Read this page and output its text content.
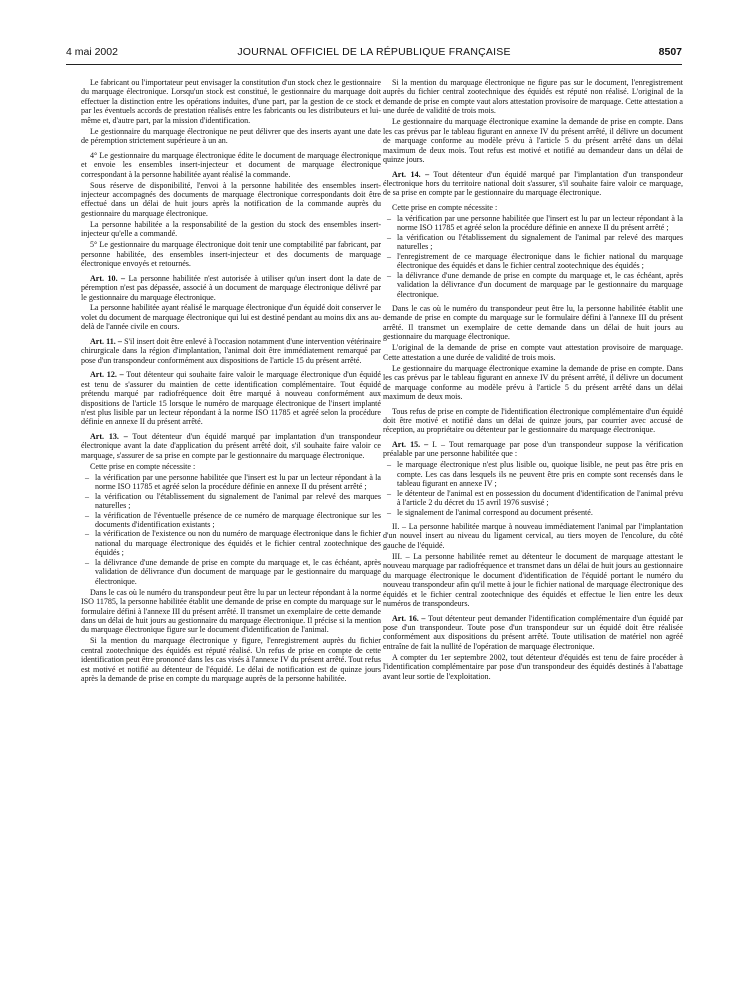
4 mai 2002	JOURNAL OFFICIEL DE LA RÉPUBLIQUE FRANÇAISE	8507

Le fabricant ou l'importateur peut envisager la constitution d'un stock chez le gestionnaire du marquage électronique. Lorsqu'un stock est constitué, le gestionnaire du marquage doit effectuer la distinction entre les opérations induites, d'une part, par la gestion de ce stock et par les éventuels accords de prestation réalisés entre les fabricants ou les distributeurs et lui-même et, d'autre part, par la mission d'identification.

Le gestionnaire du marquage électronique ne peut délivrer que des inserts ayant une date de péremption strictement supérieure à un an.

4° Le gestionnaire du marquage électronique édite le document de marquage électronique et envoie les ensembles insert-injecteur et document de marquage électronique correspondant à la personne habilitée ayant réalisé la commande.

Sous réserve de disponibilité, l'envoi à la personne habilitée des ensembles insert-injecteur accompagnés des documents de marquage électronique correspondants doit être effectué dans un délai de huit jours après la notification de la commande auprès du gestionnaire du marquage électronique.

La personne habilitée a la responsabilité de la gestion du stock des ensembles insert-injecteur qu'elle a commandé.

5° Le gestionnaire du marquage électronique doit tenir une comptabilité par fabricant, par personne habilitée, des ensembles insert-injecteur et des documents de marquage électronique envoyés et retournés.

Art. 10. – La personne habilitée n'est autorisée à utiliser qu'un insert dont la date de péremption n'est pas dépassée, associé à un document de marquage électronique délivré par le gestionnaire du marquage électronique.

La personne habilitée ayant réalisé le marquage électronique d'un équidé doit conserver le volet du document de marquage électronique qui lui est destiné pendant au moins dix ans au-delà de l'année civile en cours.

Art. 11. – S'il insert doit être enlevé à l'occasion notamment d'une intervention vétérinaire chirurgicale dans la région d'implantation, l'animal doit être immédiatement remarqué par pose d'un transpondeur conformément aux dispositions de l'article 15 du présent arrêté.

Art. 12. – Tout détenteur qui souhaite faire valoir le marquage électronique d'un équidé est tenu de s'assurer du maintien de cette identification complémentaire. Tout équidé prétendu marqué par radiofréquence doit être marqué à nouveau conformément aux dispositions de l'article 15 lorsque le numéro de marquage électronique de l'insert implanté n'est plus lisible par un lecteur répondant à la norme ISO 11785 et agréé selon la procédure définie en annexe II du présent arrêté.

Art. 13. – Tout détenteur d'un équidé marqué par implantation d'un transpondeur électronique avant la date d'application du présent arrêté doit, s'il souhaite faire valoir ce marquage, s'assurer de sa prise en compte par le gestionnaire du marquage électronique.

Cette prise en compte nécessite :

– la vérification par une personne habilitée que l'insert est lu par un lecteur répondant à la norme ISO 11785 et agréé selon la procédure définie en annexe II du présent arrêté ;
– la vérification ou l'établissement du signalement de l'animal par relevé des marques naturelles ;
– la vérification de l'éventuelle présence de ce numéro de marquage électronique sur les documents d'identification existants ;
– la vérification de l'existence ou non du numéro de marquage électronique dans le fichier national du marquage électronique des équidés et le fichier central zootechnique des équidés ;
– la délivrance d'une demande de prise en compte du marquage et, le cas échéant, après validation de délivrance d'un document de marquage par le gestionnaire du marquage électronique.

Dans le cas où le numéro du transpondeur peut être lu par un lecteur répondant à la norme ISO 11785, la personne habilitée établit une demande de prise en compte du marquage sur le formulaire défini à l'annexe III du présent arrêté. Il transmet un exemplaire de cette demande dans un délai de huit jours au gestionnaire du marquage électronique. Il précise si la mention du marquage électronique figure sur le document d'identification de l'animal.

Si la mention du marquage électronique y figure, l'enregistrement auprès du fichier central zootechnique des équidés est réputé réalisé. Un refus de prise en compte de cette identification peut être prononcé dans les cas visés à l'annexe IV du présent arrêté. Tout refus est motivé et notifié au détenteur de l'équidé. Le délai de notification est de quinze jours après la demande de prise en compte du marquage auprès de la personne habilitée.

Si la mention du marquage électronique ne figure pas sur le document, l'enregistrement auprès du fichier central zootechnique des équidés est réputé non réalisé. L'original de la demande de prise en compte vaut alors attestation provisoire de marquage. Cette attestation a une durée de validité de trois mois.

Le gestionnaire du marquage électronique examine la demande de prise en compte. Dans les cas prévus par le tableau figurant en annexe IV du présent arrêté, il délivre un document de marquage conforme au modèle prévu à l'article 5 du présent arrêté dans un délai maximum de deux mois. Tout refus est motivé et notifié au demandeur dans un délai de quinze jours.

Art. 14. – Tout détenteur d'un équidé marqué par l'implantation d'un transpondeur électronique hors du territoire national doit s'assurer, s'il souhaite faire valoir ce marquage, de sa prise en compte par le gestionnaire du marquage électronique.

Cette prise en compte nécessite :

– la vérification par une personne habilitée que l'insert est lu par un lecteur répondant à la norme ISO 11785 et agréé selon la procédure définie en annexe II du présent arrêté ;
– la vérification ou l'établissement du signalement de l'animal par relevé des marques naturelles ;
– l'enregistrement de ce marquage électronique dans le fichier national du marquage électronique des équidés et dans le fichier central zootechnique des équidés ;
– la délivrance d'une demande de prise en compte du marquage et, le cas échéant, après validation la délivrance d'un document de marquage par le gestionnaire du marquage électronique.

Dans le cas où le numéro du transpondeur peut être lu, la personne habilitée établit une demande de prise en compte du marquage sur le formulaire défini à l'annexe III du présent arrêté. Il transmet un exemplaire de cette demande dans un délai de huit jours au gestionnaire du marquage électronique.

L'original de la demande de prise en compte vaut attestation provisoire de marquage. Cette attestation a une durée de validité de trois mois.

Le gestionnaire du marquage électronique examine la demande de prise en compte. Dans les cas prévus par le tableau figurant en annexe IV du présent arrêté, il délivre un document de marquage conforme au modèle prévu à l'article 5 du présent arrêté dans un délai maximum de deux mois.

Tous refus de prise en compte de l'identification électronique complémentaire d'un équidé doit être motivé et notifié dans un délai de quinze jours, par courrier avec accusé de réception, au propriétaire ou détenteur par le gestionnaire du marquage électronique.

Art. 15. – I. – Tout remarquage par pose d'un transpondeur suppose la vérification préalable par une personne habilitée que :

– le marquage électronique n'est plus lisible ou, quoique lisible, ne peut pas être pris en compte. Les cas dans lesquels ils ne peuvent être pris en compte sont recensés dans le tableau figurant en annexe IV ;
– le détenteur de l'animal est en possession du document d'identification de l'animal prévu à l'article 2 du décret du 15 avril 1976 susvisé ;
– le signalement de l'animal correspond au document présenté.

II. – La personne habilitée marque à nouveau immédiatement l'animal par l'implantation d'un nouvel insert au niveau du ligament cervical, au tiers moyen de l'encolure, du côté gauche de l'équidé.

III. – La personne habilitée remet au détenteur le document de marquage attestant le nouveau marquage par radiofréquence et transmet dans un délai de huit jours au gestionnaire du marquage électronique le document d'identification de l'équidé portant le numéro du nouveau transpondeur afin qu'il mette à jour le fichier national de marquage électronique des équidés et le fichier central zootechnique des équidés et effectue le lien entre les deux numéros de transpondeurs.

Art. 16. – Tout détenteur peut demander l'identification complémentaire d'un équidé par pose d'un transpondeur. Toute pose d'un transpondeur sur un équidé doit être réalisée conformément aux dispositions du présent arrêté. Toute utilisation de matériel non agréé entraîne de fait la nullité de l'opération de marquage électronique.

A compter du 1er septembre 2002, tout détenteur d'équidés est tenu de faire procéder à l'identification complémentaire par pose d'un transpondeur des équidés destinés à l'abattage avant leur sortie de l'exploitation.
